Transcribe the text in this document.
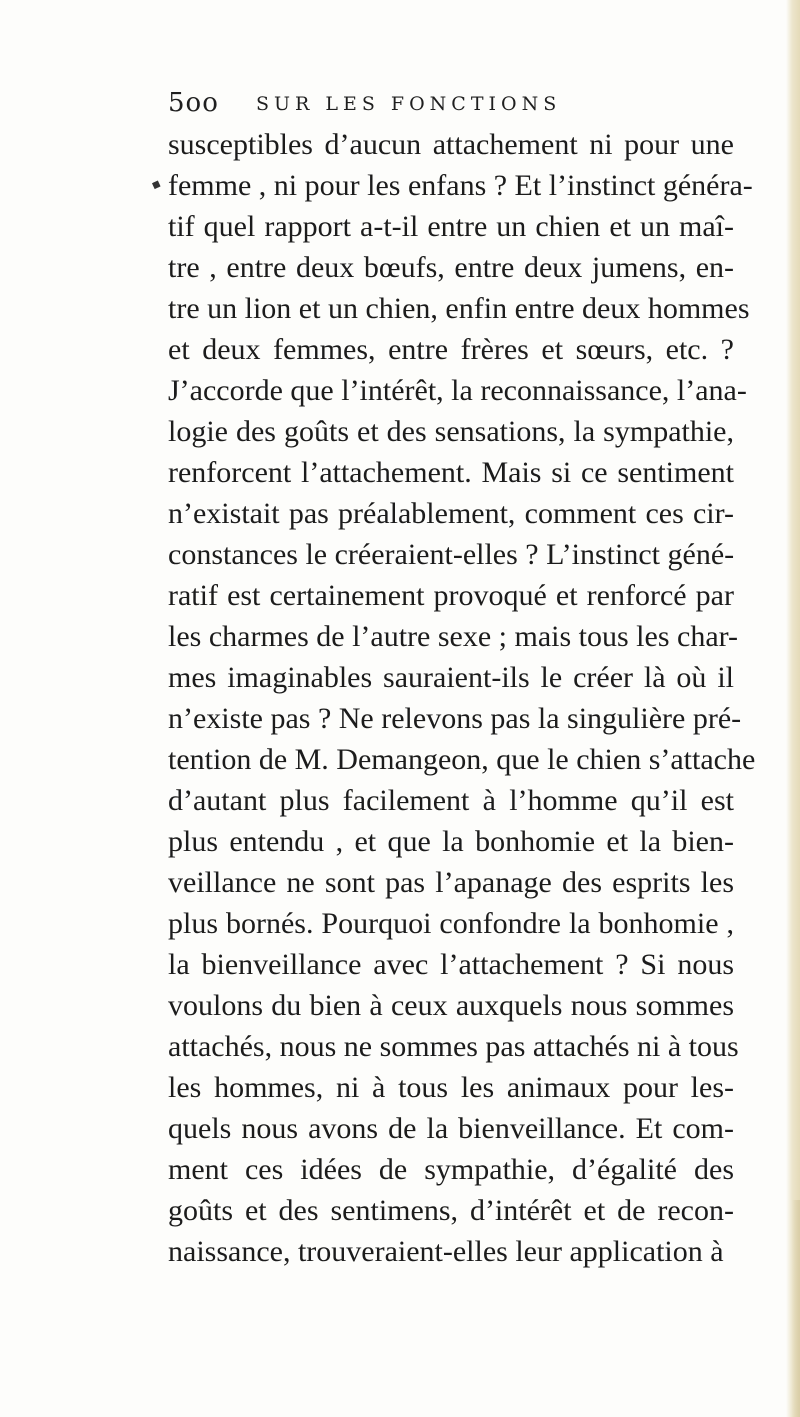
5oo SUR LES FONCTIONS
◆
susceptibles d’aucun attachement ni pour une
femme , ni pour les enfans ? Et l’instinct généra-
tif quel rapport a-t-il entre un chien et un maî-
tre , entre deux bœufs, entre deux jumens, en-
tre un lion et un chien, enfin entre deux hommes
et deux femmes, entre frères et sœurs, etc. ?
J’accorde que l’intérêt, la reconnaissance, l’ana-
logie des goûts et des sensations, la sympathie,
renforcent l’attachement. Mais si ce sentiment
n’existait pas préalablement, comment ces cir-
constances le créeraient-elles ? L’instinct géné-
ratif est certainement provoqué et renforcé par
les charmes de l’autre sexe ; mais tous les char-
mes imaginables sauraient-ils le créer là où il
n’existe pas ? Ne relevons pas la singulière pré-
tention de M. Demangeon, que le chien s’attache
d’autant plus facilement à l’homme qu’il est
plus entendu , et que la bonhomie et la bien-
veillance ne sont pas l’apanage des esprits les
plus bornés. Pourquoi confondre la bonhomie ,
la bienveillance avec l’attachement ? Si nous
voulons du bien à ceux auxquels nous sommes
attachés, nous ne sommes pas attachés ni à tous
les hommes, ni à tous les animaux pour les-
quels nous avons de la bienveillance. Et com-
ment ces idées de sympathie, d’égalité des
goûts et des sentimens, d’intérêt et de recon-
naissance, trouveraient-elles leur application à
